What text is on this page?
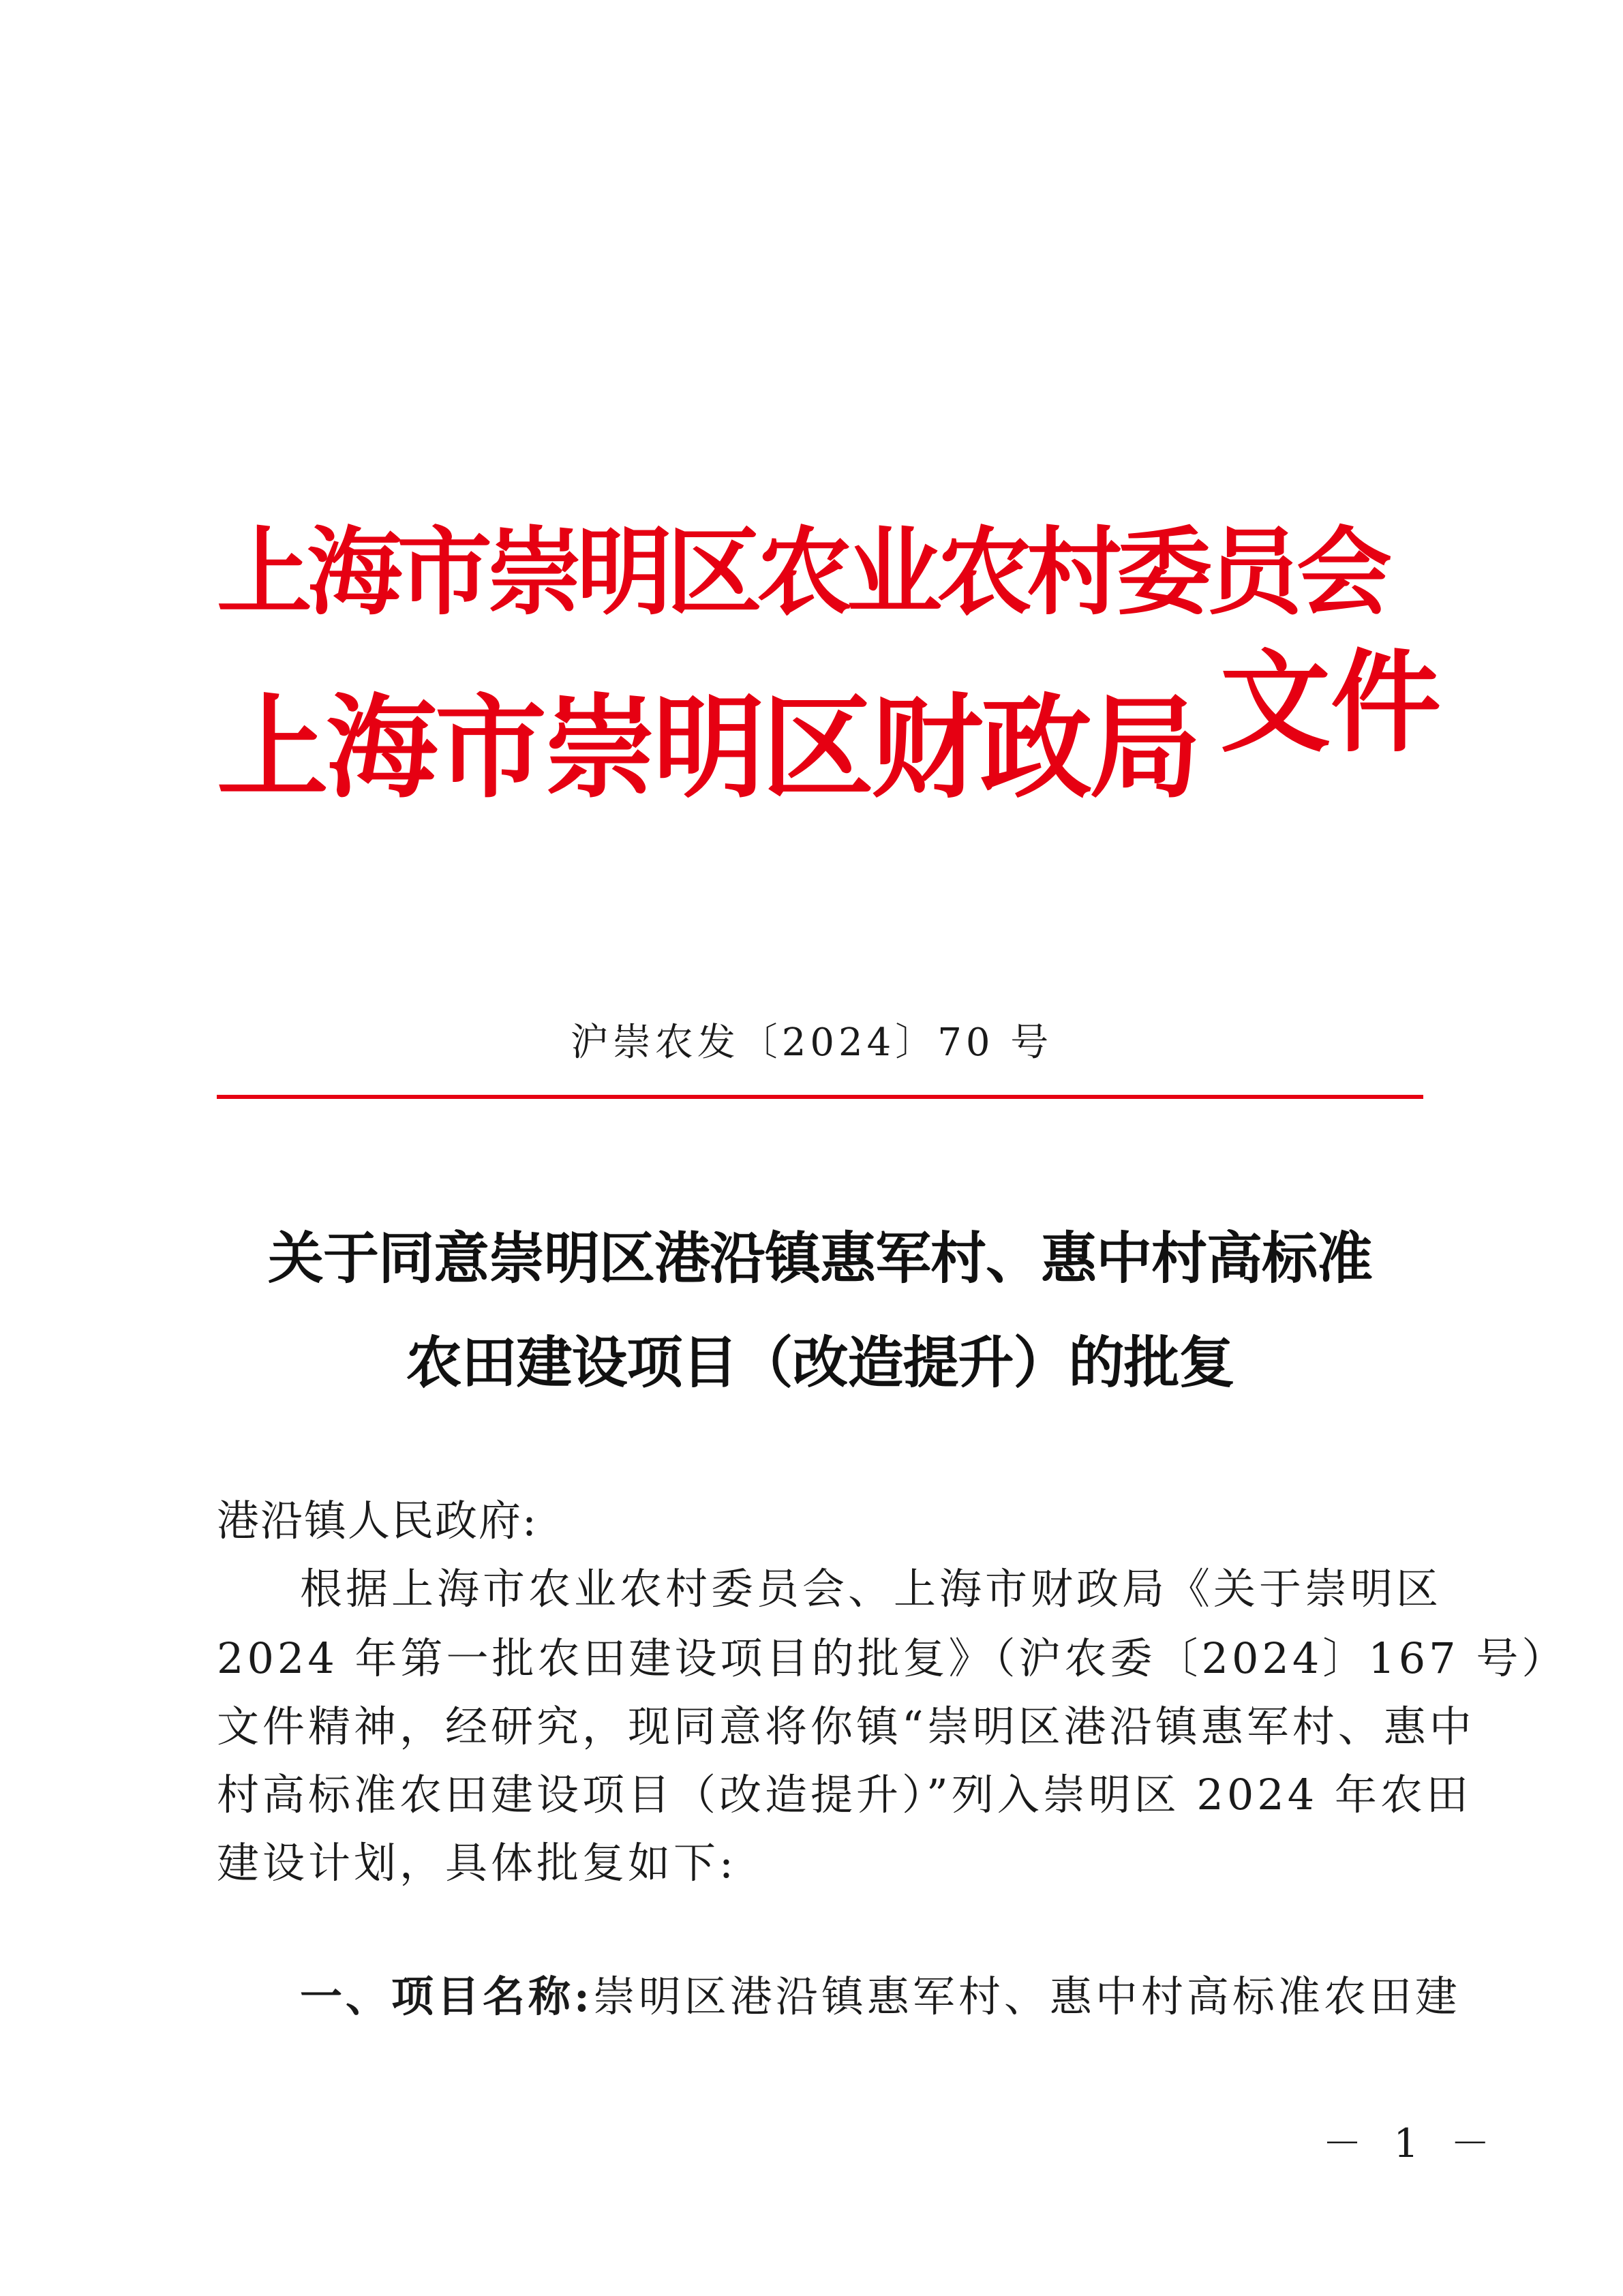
上海市崇明区农业农村委员会
上海市崇明区财政局 文件
沪崇农发〔2024〕70 号
关于同意崇明区港沿镇惠军村、惠中村高标准
农田建设项目（改造提升）的批复
港沿镇人民政府:
根据上海市农业农村委员会、上海市财政局《关于崇明区
2024 年第一批农田建设项目的批复》（沪农委〔2024〕167 号）
文件精神，经研究，现同意将你镇“崇明区港沿镇惠军村、惠中
村高标准农田建设项目（改造提升）”列入崇明区 2024 年农田
建设计划，具体批复如下:
一、项目名称:崇明区港沿镇惠军村、惠中村高标准农田建
－ 1 －
